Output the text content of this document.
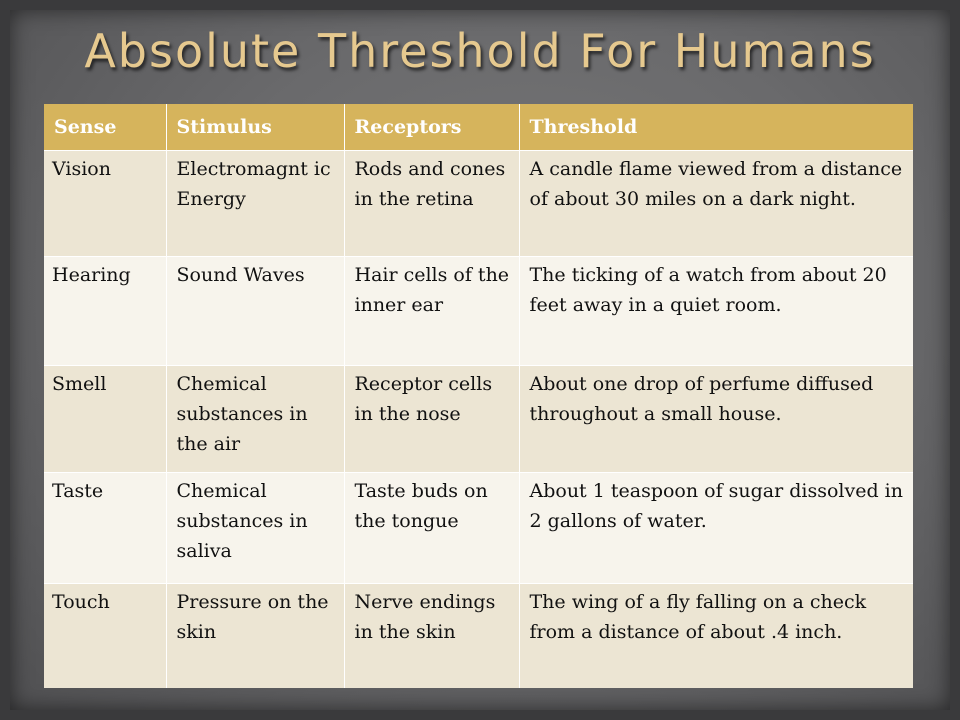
Absolute Threshold For Humans
Sense	Stimulus	Receptors	Threshold
Vision	Electromagnt ic Energy	Rods and cones in the retina	A candle flame viewed from a distance of about 30 miles on a dark night.
Hearing	Sound Waves	Hair cells of the inner ear	The ticking of a watch from about 20 feet away in a quiet room.
Smell	Chemical substances in the air	Receptor cells in the nose	About one drop of perfume diffused throughout a small house.
Taste	Chemical substances in saliva	Taste buds on the tongue	About 1 teaspoon of sugar dissolved in 2 gallons of water.
Touch	Pressure on the skin	Nerve endings in the skin	The wing of a fly falling on a check from a distance of about .4 inch.
